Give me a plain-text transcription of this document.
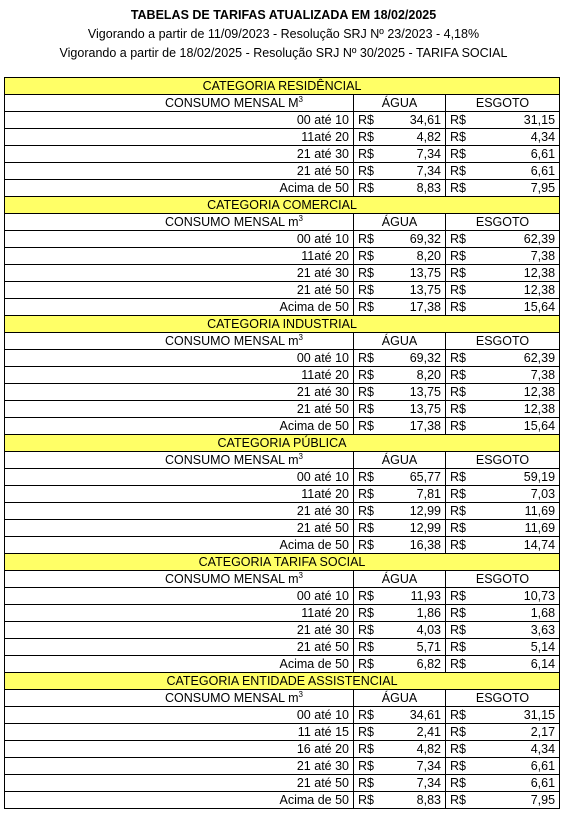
TABELAS DE TARIFAS ATUALIZADA EM 18/02/2025
Vigorando a partir de 11/09/2023 - Resolução SRJ Nº 23/2023 - 4,18%
Vigorando a partir de 18/02/2025 - Resolução SRJ Nº 30/2025 - TARIFA SOCIAL
CATEGORIA RESIDÊNCIAL				
CONSUMO MENSAL $M^3$	ÁGUA		ESGOTO	
00 até 10	R$	34,61	R$	31,15
11até 20	R$	4,82	R$	4,34
21 até 30	R$	7,34	R$	6,61
21 até 50	R$	7,34	R$	6,61
Acima de 50	R$	8,83	R$	7,95
CATEGORIA COMERCIAL				
CONSUMO MENSAL $m^3$	ÁGUA		ESGOTO	
00 até 10	R$	69,32	R$	62,39
11até 20	R$	8,20	R$	7,38
21 até 30	R$	13,75	R$	12,38
21 até 50	R$	13,75	R$	12,38
Acima de 50	R$	17,38	R$	15,64
CATEGORIA INDUSTRIAL				
CONSUMO MENSAL $m^3$	ÁGUA		ESGOTO	
00 até 10	R$	69,32	R$	62,39
11até 20	R$	8,20	R$	7,38
21 até 30	R$	13,75	R$	12,38
21 até 50	R$	13,75	R$	12,38
Acima de 50	R$	17,38	R$	15,64
CATEGORIA PÚBLICA				
CONSUMO MENSAL $m^3$	ÁGUA		ESGOTO	
00 até 10	R$	65,77	R$	59,19
11até 20	R$	7,81	R$	7,03
21 até 30	R$	12,99	R$	11,69
21 até 50	R$	12,99	R$	11,69
Acima de 50	R$	16,38	R$	14,74
CATEGORIA TARIFA SOCIAL				
CONSUMO MENSAL $m^3$	ÁGUA		ESGOTO	
00 até 10	R$	11,93	R$	10,73
11até 20	R$	1,86	R$	1,68
21 até 30	R$	4,03	R$	3,63
21 até 50	R$	5,71	R$	5,14
Acima de 50	R$	6,82	R$	6,14
CATEGORIA ENTIDADE ASSISTENCIAL				
CONSUMO MENSAL $m^3$	ÁGUA		ESGOTO	
00 até 10	R$	34,61	R$	31,15
11 até 15	R$	2,41	R$	2,17
16 até 20	R$	4,82	R$	4,34
21 até 30	R$	7,34	R$	6,61
21 até 50	R$	7,34	R$	6,61
Acima de 50	R$	8,83	R$	7,95
